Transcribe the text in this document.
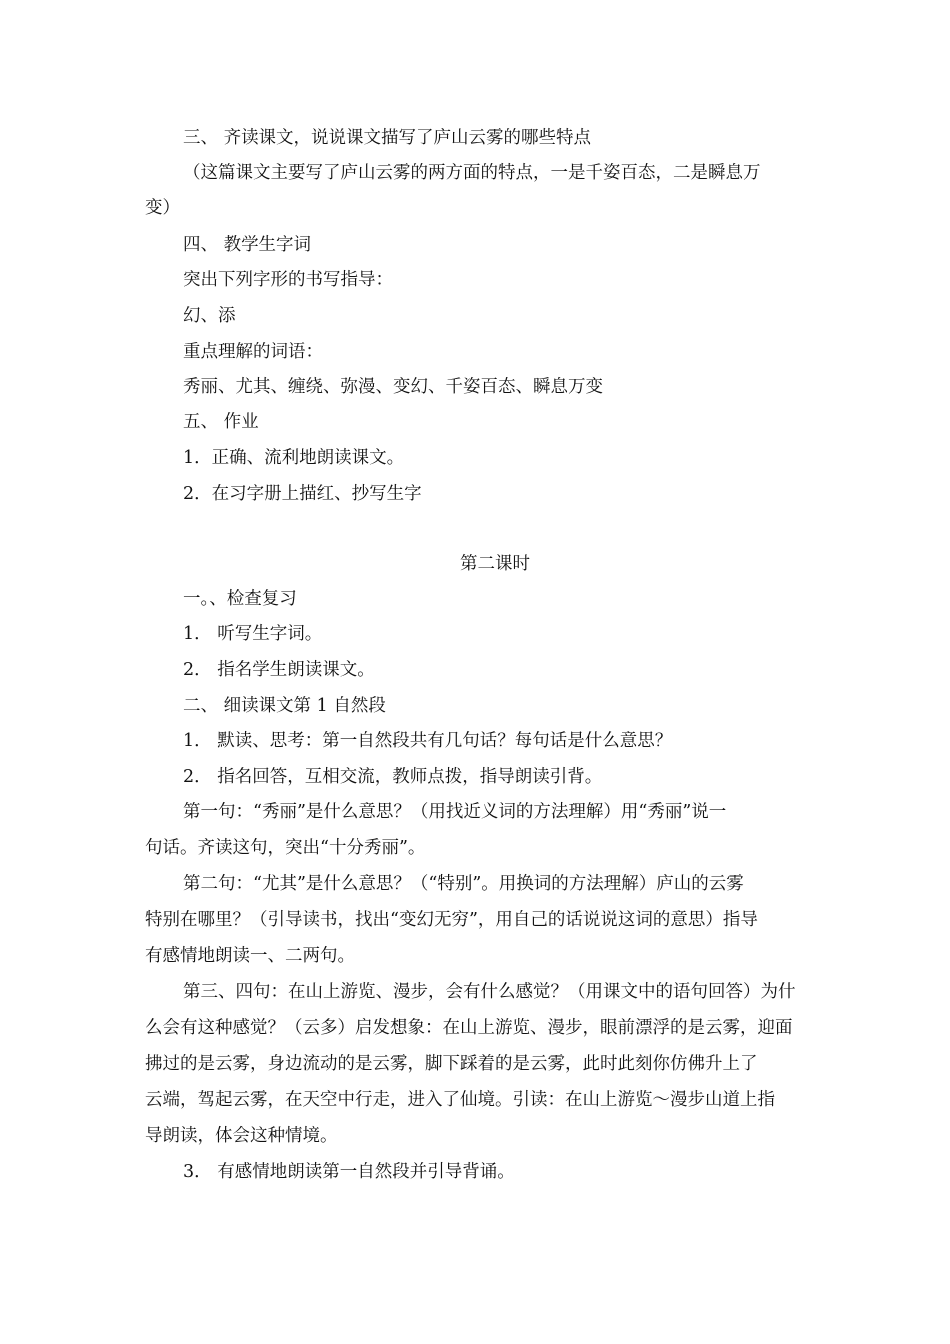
三、 齐读课文，说说课文描写了庐山云雾的哪些特点
（这篇课文主要写了庐山云雾的两方面的特点，一是千姿百态，二是瞬息万
变）
四、 教学生字词
突出下列字形的书写指导：
幻、添
重点理解的词语：
秀丽、尤其、缠绕、弥漫、变幻、千姿百态、瞬息万变
五、 作业
1．正确、流利地朗读课文。
2．在习字册上描红、抄写生字
第二课时
一。、检查复习
1． 听写生字词。
2． 指名学生朗读课文。
二、 细读课文第 1 自然段
1． 默读、思考：第一自然段共有几句话？每句话是什么意思？
2． 指名回答，互相交流，教师点拨，指导朗读引背。
第一句：“秀丽”是什么意思？（用找近义词的方法理解）用“秀丽”说一
句话。齐读这句，突出“十分秀丽”。
第二句：“尤其”是什么意思？（“特别”。用换词的方法理解）庐山的云雾
特别在哪里？（引导读书，找出“变幻无穷”，用自己的话说说这词的意思）指导
有感情地朗读一、二两句。
第三、四句：在山上游览、漫步，会有什么感觉？（用课文中的语句回答）为什
么会有这种感觉？（云多）启发想象：在山上游览、漫步，眼前漂浮的是云雾，迎面
拂过的是云雾，身边流动的是云雾，脚下踩着的是云雾，此时此刻你仿佛升上了
云端，驾起云雾，在天空中行走，进入了仙境。引读：在山上游览～漫步山道上指
导朗读，体会这种情境。
3． 有感情地朗读第一自然段并引导背诵。
